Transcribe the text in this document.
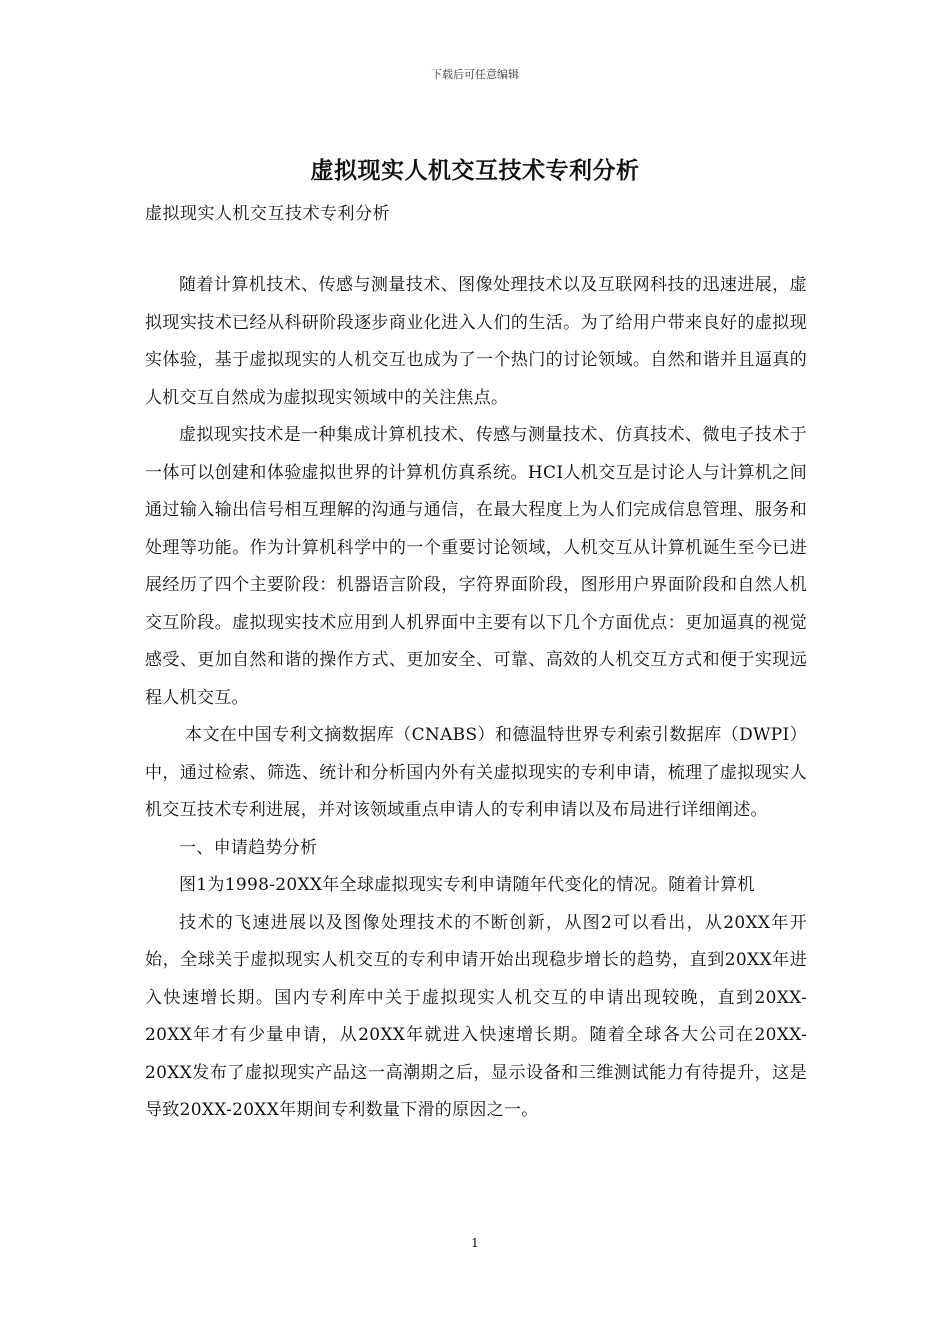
下载后可任意编辑
虚拟现实人机交互技术专利分析
虚拟现实人机交互技术专利分析

随着计算机技术、传感与测量技术、图像处理技术以及互联网科技的迅速进展，虚拟现实技术已经从科研阶段逐步商业化进入人们的生活。为了给用户带来良好的虚拟现实体验，基于虚拟现实的人机交互也成为了一个热门的讨论领域。自然和谐并且逼真的人机交互自然成为虚拟现实领域中的关注焦点。

虚拟现实技术是一种集成计算机技术、传感与测量技术、仿真技术、微电子技术于一体可以创建和体验虚拟世界的计算机仿真系统。HCI人机交互是讨论人与计算机之间通过输入输出信号相互理解的沟通与通信，在最大程度上为人们完成信息管理、服务和处理等功能。作为计算机科学中的一个重要讨论领域，人机交互从计算机诞生至今已进展经历了四个主要阶段：机器语言阶段，字符界面阶段，图形用户界面阶段和自然人机交互阶段。虚拟现实技术应用到人机界面中主要有以下几个方面优点：更加逼真的视觉感受、更加自然和谐的操作方式、更加安全、可靠、高效的人机交互方式和便于实现远程人机交互。

本文在中国专利文摘数据库（CNABS）和德温特世界专利索引数据库（DWPI）中，通过检索、筛选、统计和分析国内外有关虚拟现实的专利申请，梳理了虚拟现实人机交互技术专利进展，并对该领域重点申请人的专利申请以及布局进行详细阐述。

一、申请趋势分析

图1为1998-20XX年全球虚拟现实专利申请随年代变化的情况。随着计算机

技术的飞速进展以及图像处理技术的不断创新，从图2可以看出，从20XX年开始，全球关于虚拟现实人机交互的专利申请开始出现稳步增长的趋势，直到20XX年进入快速增长期。国内专利库中关于虚拟现实人机交互的申请出现较晚，直到20XX-20XX年才有少量申请，从20XX年就进入快速增长期。随着全球各大公司在20XX-20XX发布了虚拟现实产品这一高潮期之后，显示设备和三维测试能力有待提升，这是导致20XX-20XX年期间专利数量下滑的原因之一。

1
